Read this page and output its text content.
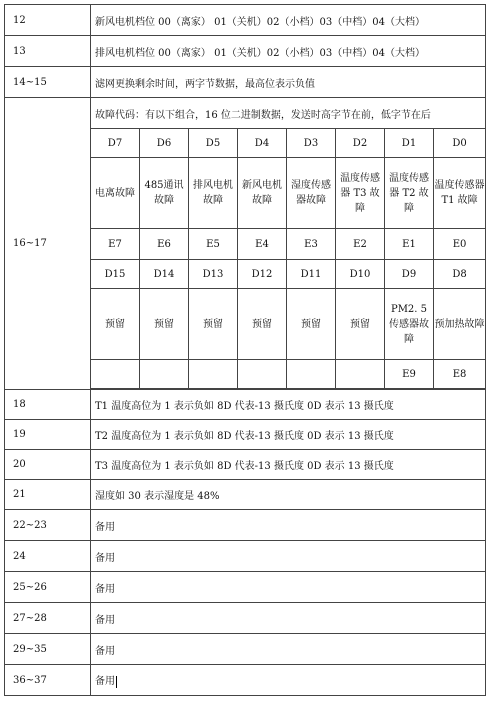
12	新风电机档位 00（离家） 01（关机）02（小档）03（中档）04（大档）							
13	排风电机档位 00（离家） 01（关机）02（小档）03（中档）04（大档）							
14~15	滤网更换剩余时间，两字节数据，最高位表示负值							
16~17	故障代码：有以下组合，16 位二进制数据，发送时高字节在前，低字节在后							
	D7	D6	D5	D4	D3	D2	D1	D0
	电离故障	485通讯故障	排风电机故障	新风电机故障	湿度传感器故障	温度传感器 T3 故障	温度传感器 T2 故障	温度传感器 T1 故障
	E7	E6	E5	E4	E3	E2	E1	E0
	D15	D14	D13	D12	D11	D10	D9	D8
	预留	预留	预留	预留	预留	预留	PM2. 5 传感器故障	预加热故障
							E9	E8

18	T1 温度高位为 1 表示负如 8D 代表-13 摄氏度 0D 表示 13 摄氏度							
19	T2 温度高位为 1 表示负如 8D 代表-13 摄氏度 0D 表示 13 摄氏度							
20	T3 温度高位为 1 表示负如 8D 代表-13 摄氏度 0D 表示 13 摄氏度							
21	湿度如 30 表示湿度是 48%							
22~23	备用							
24	备用							
25~26	备用							
27~28	备用							
29~35	备用							
36~37	备用							
